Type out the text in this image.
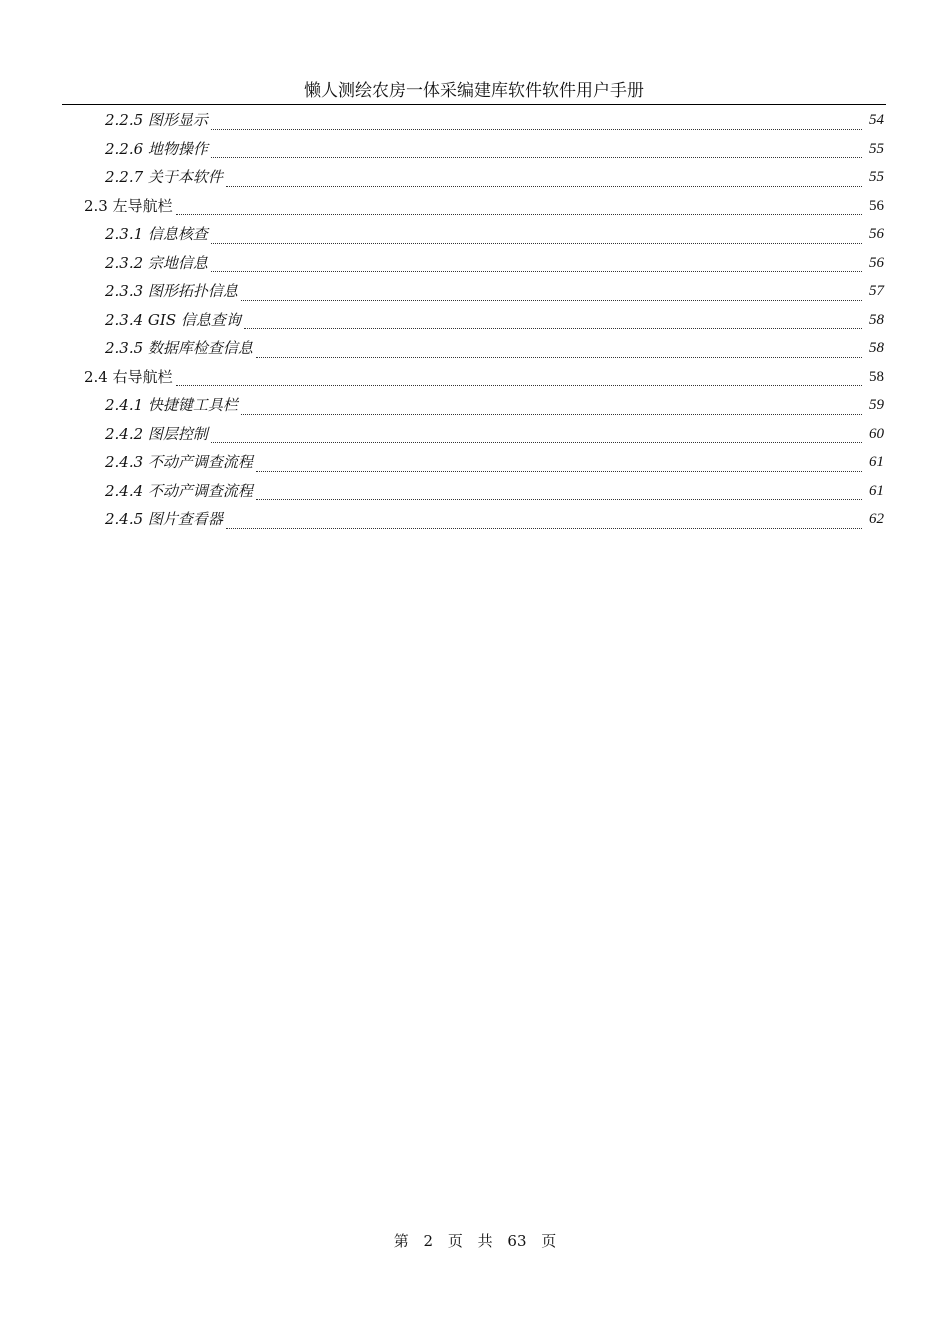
懒人测绘农房一体采编建库软件软件用户手册
2.2.5 图形显示	54
2.2.6 地物操作	55
2.2.7 关于本软件	55
2.3 左导航栏	56
2.3.1 信息核查	56
2.3.2 宗地信息	56
2.3.3 图形拓扑信息	57
2.3.4 GIS 信息查询	58
2.3.5 数据库检查信息	58
2.4 右导航栏	58
2.4.1 快捷键工具栏	59
2.4.2 图层控制	60
2.4.3 不动产调查流程	61
2.4.4 不动产调查流程	61
2.4.5 图片查看器	62
第 2 页 共 63 页
